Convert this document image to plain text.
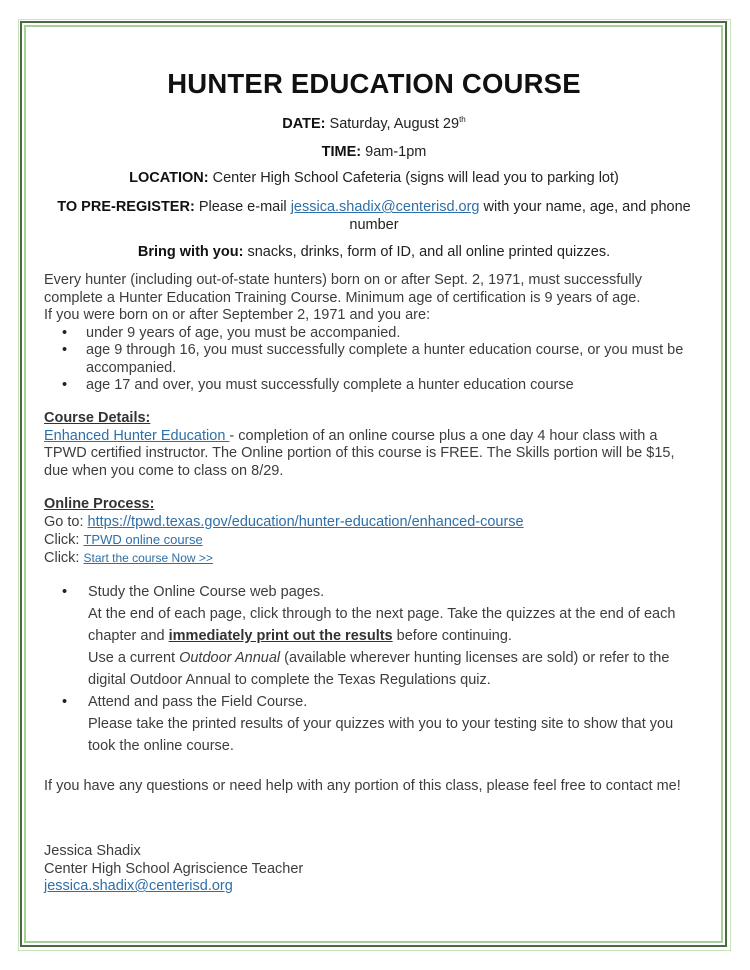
HUNTER EDUCATION COURSE
DATE: Saturday, August 29th
TIME: 9am-1pm
LOCATION: Center High School Cafeteria (signs will lead you to parking lot)
TO PRE-REGISTER: Please e-mail jessica.shadix@centerisd.org with your name, age, and phone
number
Bring with you: snacks, drinks, form of ID, and all online printed quizzes.
Every hunter (including out-of-state hunters) born on or after Sept. 2, 1971, must successfully
complete a Hunter Education Training Course. Minimum age of certification is 9 years of age.
If you were born on or after September 2, 1971 and you are:
• under 9 years of age, you must be accompanied.
• age 9 through 16, you must successfully complete a hunter education course, or you must be accompanied.
• age 17 and over, you must successfully complete a hunter education course
Course Details:
Enhanced Hunter Education - completion of an online course plus a one day 4 hour class with a TPWD certified instructor. The Online portion of this course is FREE. The Skills portion will be $15, due when you come to class on 8/29.
Online Process:
Go to: https://tpwd.texas.gov/education/hunter-education/enhanced-course
Click: TPWD online course
Click: Start the course Now >>
• Study the Online Course web pages.
At the end of each page, click through to the next page. Take the quizzes at the end of each chapter and immediately print out the results before continuing.
Use a current Outdoor Annual (available wherever hunting licenses are sold) or refer to the digital Outdoor Annual to complete the Texas Regulations quiz.
• Attend and pass the Field Course.
Please take the printed results of your quizzes with you to your testing site to show that you took the online course.
If you have any questions or need help with any portion of this class, please feel free to contact me!
Jessica Shadix
Center High School Agriscience Teacher
jessica.shadix@centerisd.org
